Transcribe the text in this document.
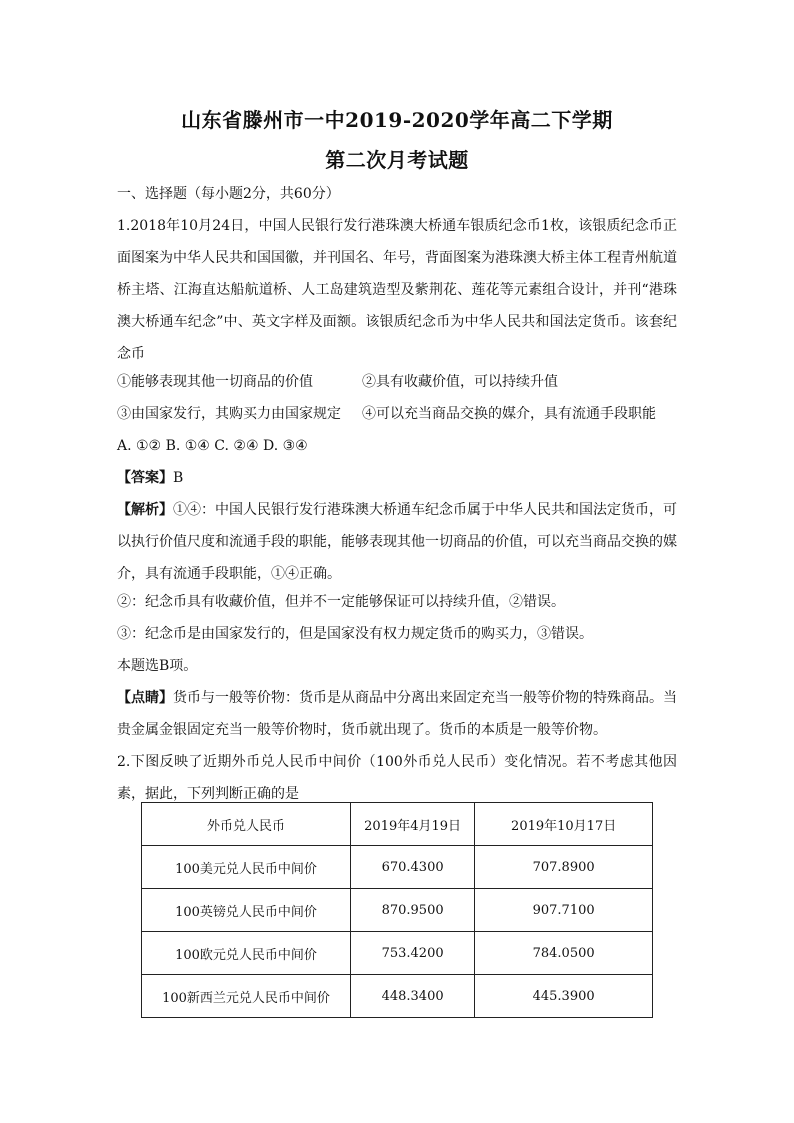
山东省滕州市一中2019-2020学年高二下学期
第二次月考试题
一、选择题（每小题2分，共60分）
1.2018年10月24日，中国人民银行发行港珠澳大桥通车银质纪念币1枚，该银质纪念币正面图案为中华人民共和国国徽，并刊国名、年号，背面图案为港珠澳大桥主体工程青州航道桥主塔、江海直达船航道桥、人工岛建筑造型及紫荆花、莲花等元素组合设计，并刊“港珠澳大桥通车纪念”中、英文字样及面额。该银质纪念币为中华人民共和国法定货币。该套纪念币
①能够表现其他一切商品的价值	②具有收藏价值，可以持续升值
③由国家发行，其购买力由国家规定 ④可以充当商品交换的媒介，具有流通手段职能
A. ①② B. ①④ C. ②④ D. ③④
【答案】B
【解析】①④：中国人民银行发行港珠澳大桥通车纪念币属于中华人民共和国法定货币，可以执行价值尺度和流通手段的职能，能够表现其他一切商品的价值，可以充当商品交换的媒介，具有流通手段职能，①④正确。
②：纪念币具有收藏价值，但并不一定能够保证可以持续升值，②错误。
③：纪念币是由国家发行的，但是国家没有权力规定货币的购买力，③错误。
本题选B项。
【点睛】货币与一般等价物：货币是从商品中分离出来固定充当一般等价物的特殊商品。当贵金属金银固定充当一般等价物时，货币就出现了。货币的本质是一般等价物。
2.下图反映了近期外币兑人民币中间价（100外币兑人民币）变化情况。若不考虑其他因素，据此，下列判断正确的是
外币兑人民币	2019年4月19日	2019年10月17日
100美元兑人民币中间价	670.4300	707.8900
100英镑兑人民币中间价	870.9500	907.7100
100欧元兑人民币中间价	753.4200	784.0500
100新西兰元兑人民币中间价	448.3400	445.3900
